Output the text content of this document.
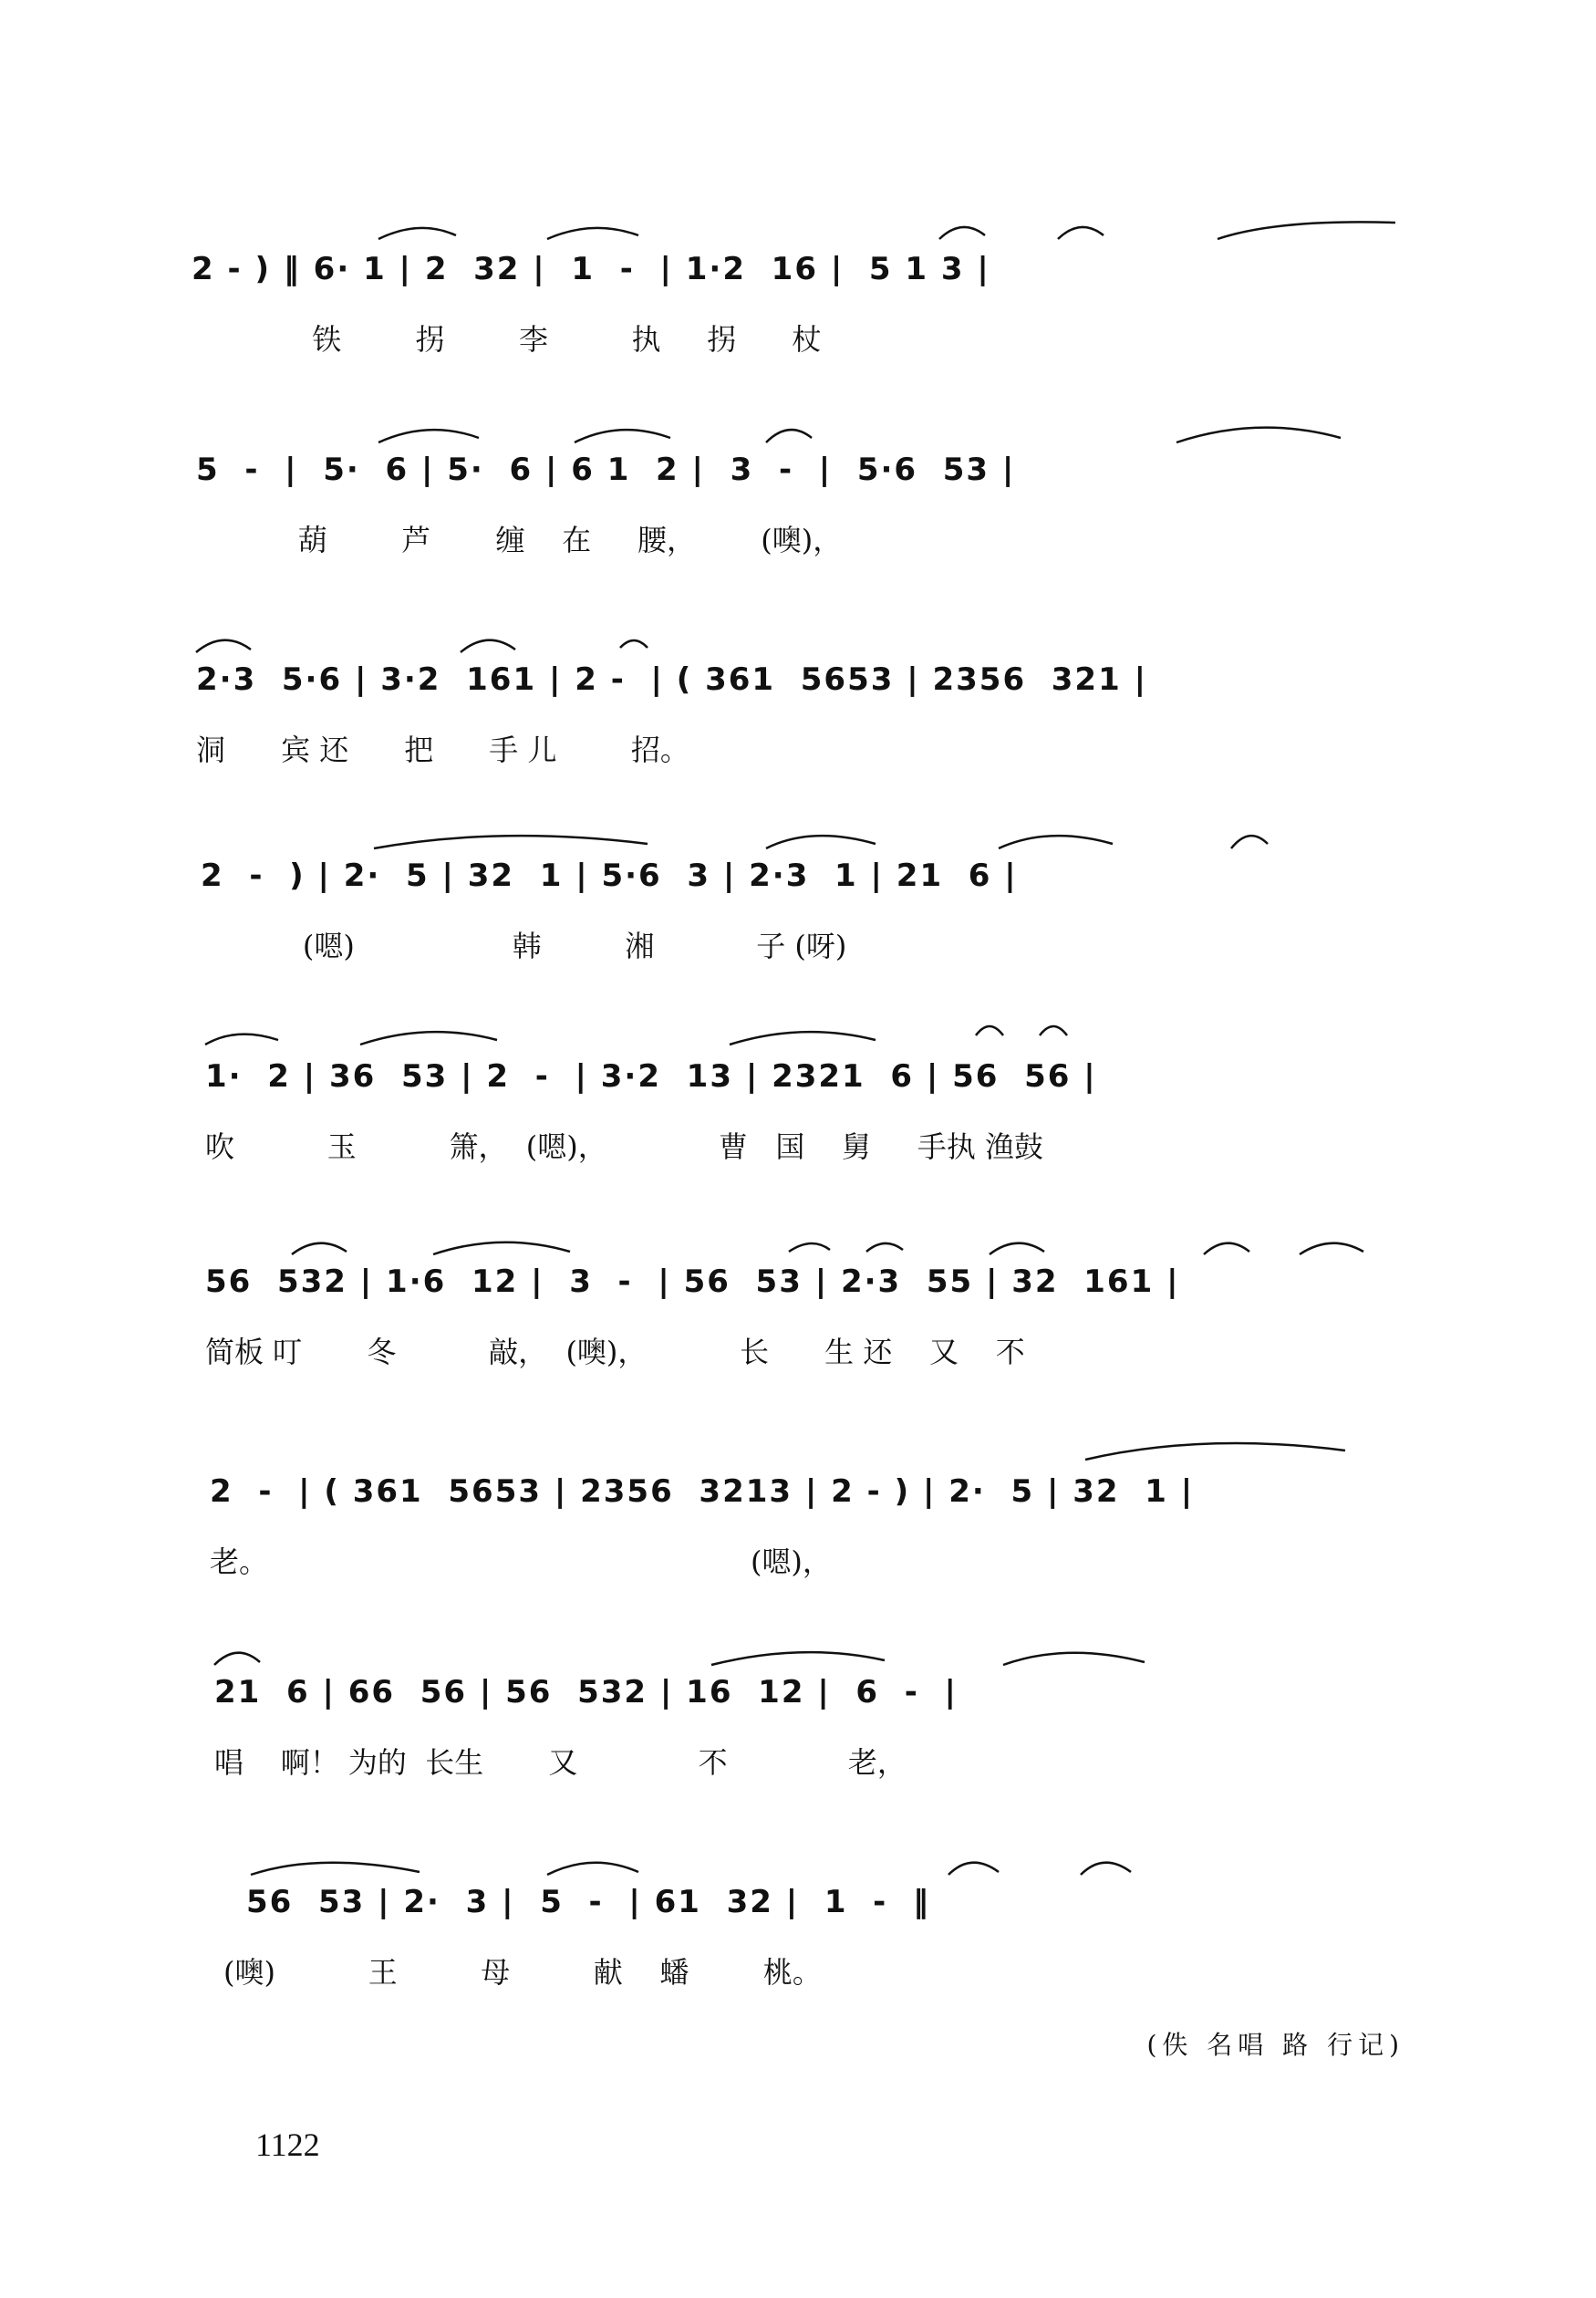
2 - ) ‖ 6· 1 | 2  32 |  1  -  | 1·2  16 |  5 1 3 |
铁        拐        李         执     拐      杖
5  -  |  5·  6 | 5·  6 | 6 1  2 |  3  -  |  5·6  53 |
葫        芦       缠    在     腰，       (噢)，
2·3  5·6 | 3·2  161 | 2 -  | ( 361  5653 | 2356  321 |
洞      宾 还      把      手 儿        招。
2  -  ) | 2·  5 | 32  1 | 5·6  3 | 2·3  1 | 21  6 |
(嗯)                 韩         湘           子 (呀)
1·  2 | 36  53 | 2  -  | 3·2  13 | 2321  6 | 56  56 |
吹          玉          箫，  (嗯)，            曹   国    舅     手执 渔鼓
56  532 | 1·6  12 |  3  -  | 56  53 | 2·3  55 | 32  161 |
简板 叮       冬          敲，  (噢)，          长      生 还    又    不
2  -  | ( 361  5653 | 2356  3213 | 2 - ) | 2·  5 | 32  1 |
老。                                                    (嗯)，
21  6 | 66  56 | 56  532 | 16  12 |  6  -  |
唱    啊！ 为的  长生       又             不             老，
56  53 | 2·  3 |  5  -  | 61  32 |  1  -  ‖
(噢)          王         母         献    蟠        桃。
(佚 名唱 路 行记)
1122
